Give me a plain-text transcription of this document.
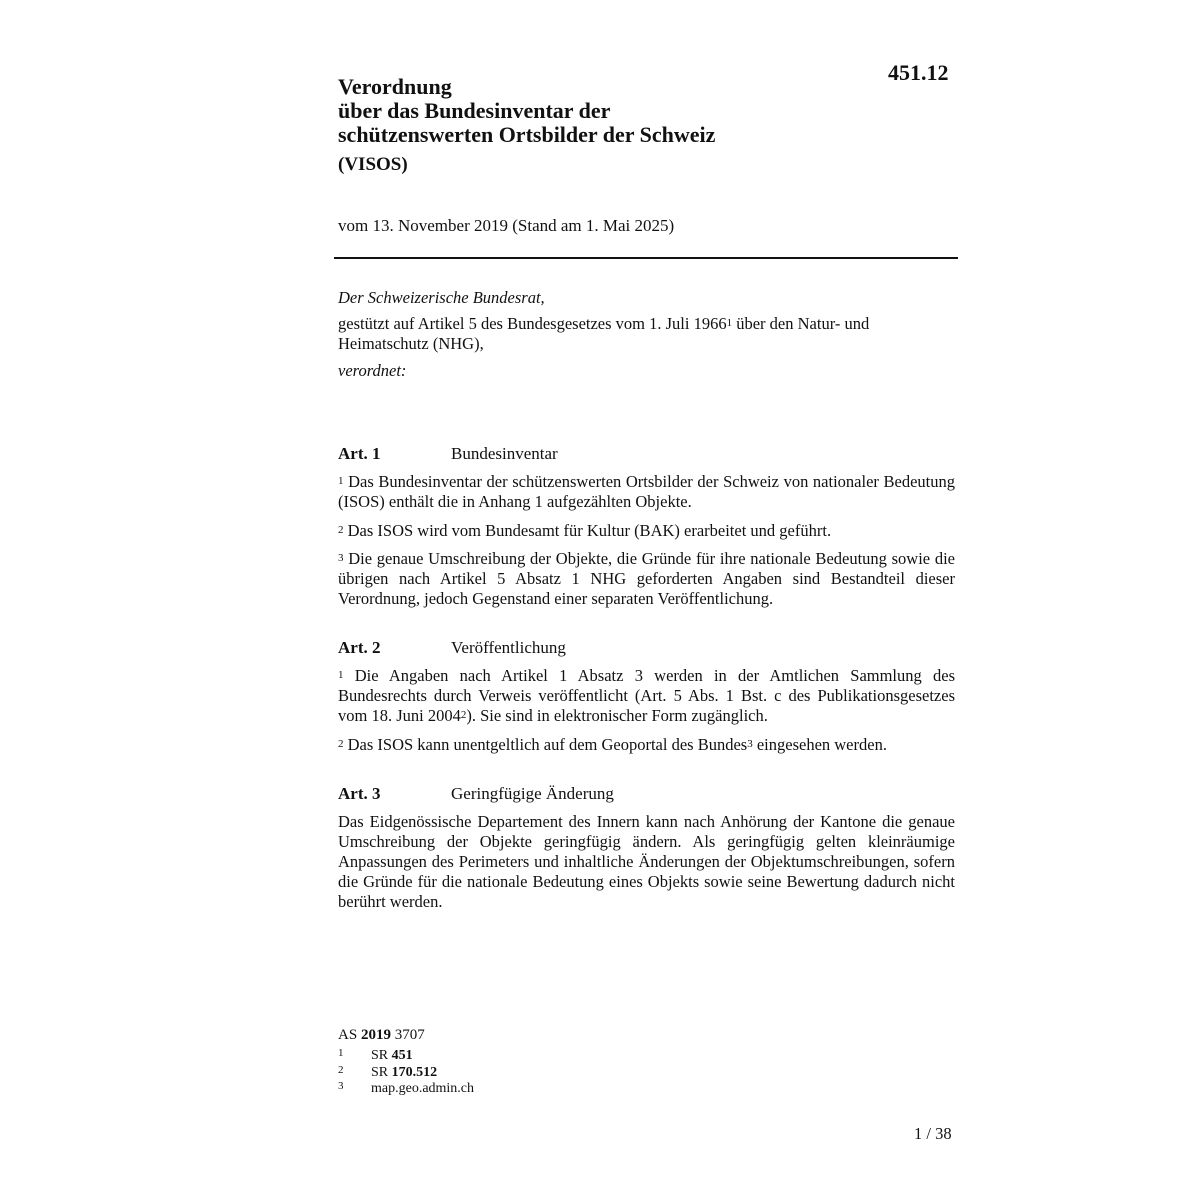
451.12
Verordnung
über das Bundesinventar der
schützenswerten Ortsbilder der Schweiz
(VISOS)
vom 13. November 2019 (Stand am 1. Mai 2025)
Der Schweizerische Bundesrat,
gestützt auf Artikel 5 des Bundesgesetzes vom 1. Juli 1966$^1$ über den Natur- und Heimatschutz (NHG),
verordnet:
Art. 1	Bundesinventar
$^1$ Das Bundesinventar der schützenswerten Ortsbilder der Schweiz von nationaler Bedeutung (ISOS) enthält die in Anhang 1 aufgezählten Objekte.
$^2$ Das ISOS wird vom Bundesamt für Kultur (BAK) erarbeitet und geführt.
$^3$ Die genaue Umschreibung der Objekte, die Gründe für ihre nationale Bedeutung sowie die übrigen nach Artikel 5 Absatz 1 NHG geforderten Angaben sind Bestandteil dieser Verordnung, jedoch Gegenstand einer separaten Veröffentlichung.
Art. 2	Veröffentlichung
$^1$ Die Angaben nach Artikel 1 Absatz 3 werden in der Amtlichen Sammlung des Bundesrechts durch Verweis veröffentlicht (Art. 5 Abs. 1 Bst. c des Publikationsgesetzes vom 18. Juni 2004$^2$). Sie sind in elektronischer Form zugänglich.
$^2$ Das ISOS kann unentgeltlich auf dem Geoportal des Bundes$^3$ eingesehen werden.
Art. 3	Geringfügige Änderung
Das Eidgenössische Departement des Innern kann nach Anhörung der Kantone die genaue Umschreibung der Objekte geringfügig ändern. Als geringfügig gelten kleinräumige Anpassungen des Perimeters und inhaltliche Änderungen der Objektumschreibungen, sofern die Gründe für die nationale Bedeutung eines Objekts sowie seine Bewertung dadurch nicht berührt werden.
AS 2019 3707
1 SR 451
2 SR 170.512
3 map.geo.admin.ch
1 / 38
